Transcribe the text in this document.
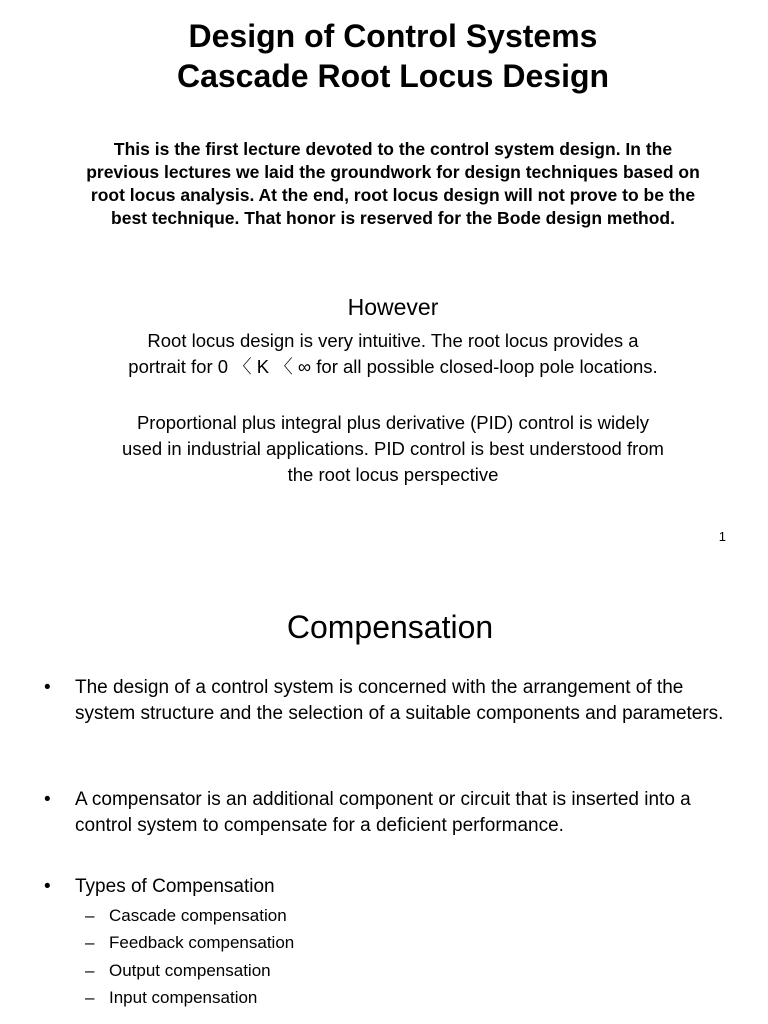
Design of Control Systems
Cascade Root Locus Design
This is the first lecture devoted to the control system design. In the previous lectures we laid the groundwork for design techniques based on root locus analysis. At the end, root locus design will not prove to be the best technique. That honor is reserved for the Bode design method.
However
Root locus design is very intuitive. The root locus provides a portrait for 0 〈 K 〈 ∞ for all possible closed-loop pole locations.
Proportional plus integral plus derivative (PID) control is widely used in industrial applications. PID control is best understood from the root locus perspective
1
Compensation
•	The design of a control system is concerned with the arrangement of the system structure and the selection of a suitable components and parameters.
•	A compensator is an additional component or circuit that is inserted into a control system to compensate for a deficient performance.
•	Types of Compensation
– Cascade compensation
– Feedback compensation
– Output compensation
– Input compensation
